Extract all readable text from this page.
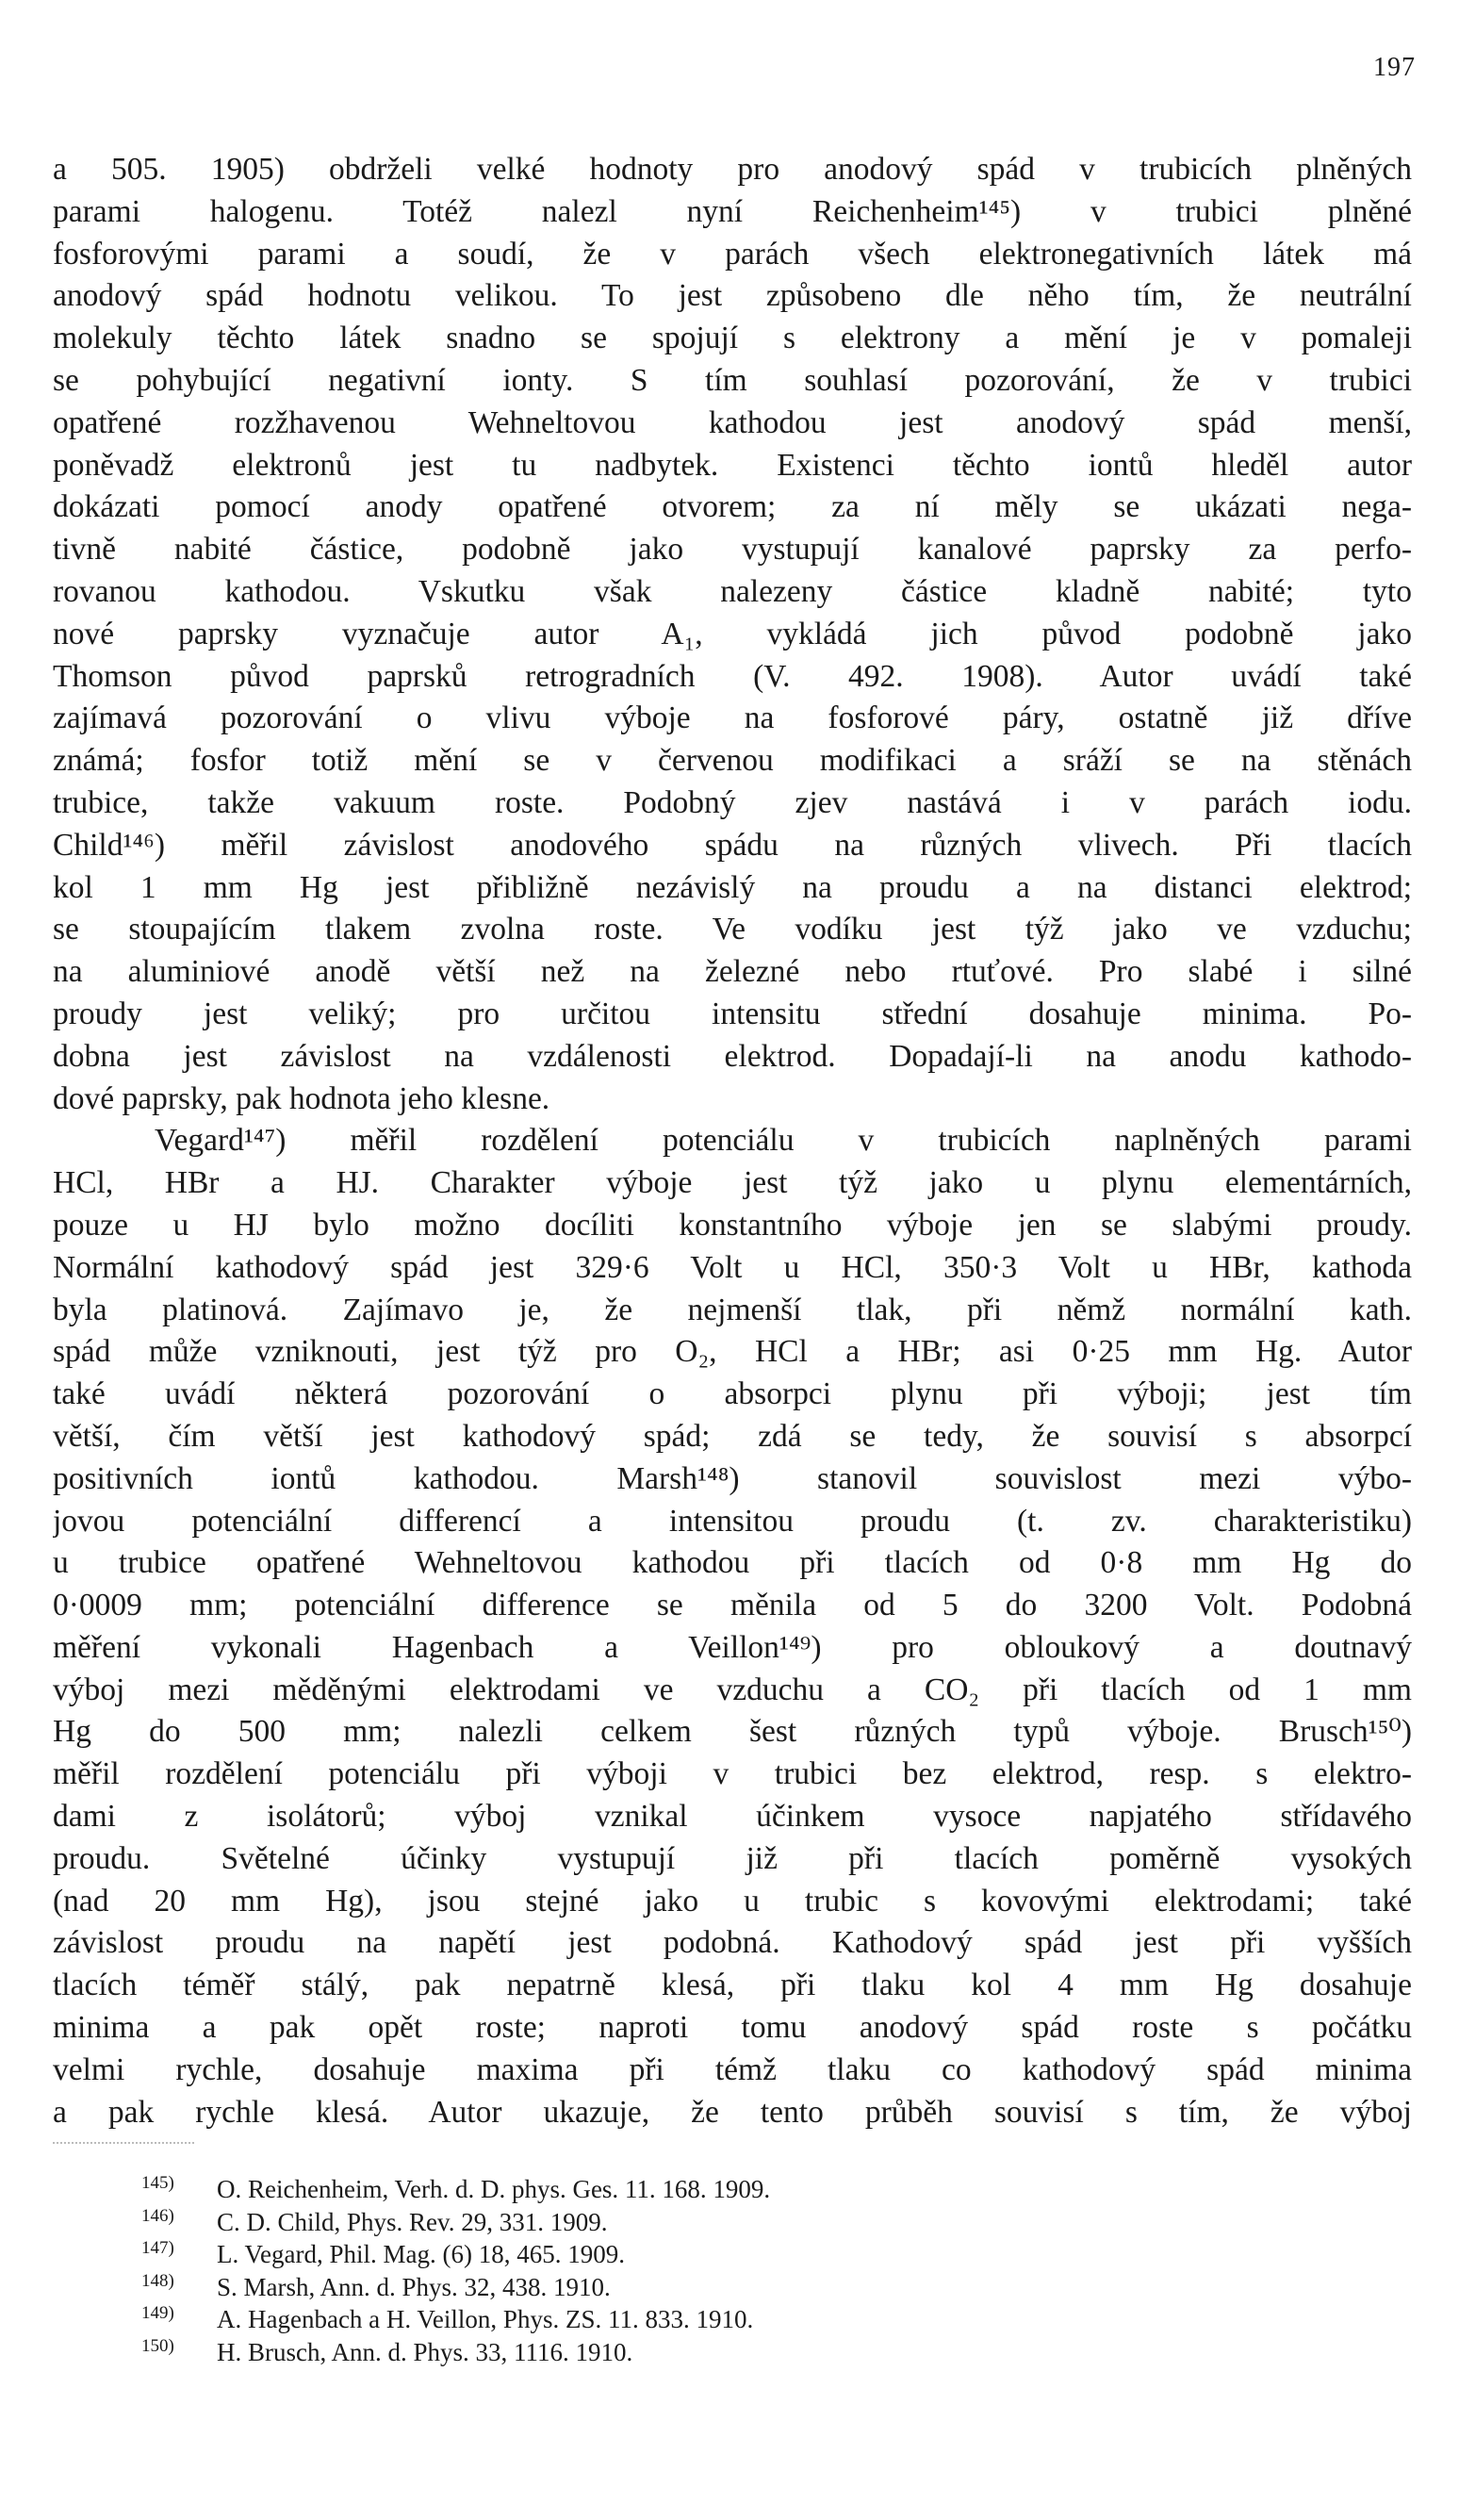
197
a 505. 1905) obdrželi velké hodnoty pro anodový spád v trubicích plněných
parami halogenu. Totéž nalezl nyní Reichenheim¹⁴⁵) v trubici plněné
fosforovými parami a soudí, že v parách všech elektronegativních látek má
anodový spád hodnotu velikou. To jest způsobeno dle něho tím, že neutrální
molekuly těchto látek snadno se spojují s elektrony a mění je v pomaleji
se pohybující negativní ionty. S tím souhlasí pozorování, že v trubici
opatřené rozžhavenou Wehneltovou kathodou jest anodový spád menší,
poněvadž elektronů jest tu nadbytek. Existenci těchto iontů hleděl autor
dokázati pomocí anody opatřené otvorem; za ní měly se ukázati nega-
tivně nabité částice, podobně jako vystupují kanalové paprsky za perfo-
rovanou kathodou. Vskutku však nalezeny částice kladně nabité; tyto
nové paprsky vyznačuje autor A₁, vykládá jich původ podobně jako
Thomson původ paprsků retrogradních (V. 492. 1908). Autor uvádí také
zajímavá pozorování o vlivu výboje na fosforové páry, ostatně již dříve
známá; fosfor totiž mění se v červenou modifikaci a sráží se na stěnách
trubice, takže vakuum roste. Podobný zjev nastává i v parách iodu.
Child¹⁴⁶) měřil závislost anodového spádu na různých vlivech. Při tlacích
kol 1 mm Hg jest přibližně nezávislý na proudu a na distanci elektrod;
se stoupajícím tlakem zvolna roste. Ve vodíku jest týž jako ve vzduchu;
na aluminiové anodě větší než na železné nebo rtuťové. Pro slabé i silné
proudy jest veliký; pro určitou intensitu střední dosahuje minima. Po-
dobna jest závislost na vzdálenosti elektrod. Dopadají-li na anodu kathodo-
dové paprsky, pak hodnota jeho klesne.
Vegard¹⁴⁷) měřil rozdělení potenciálu v trubicích naplněných parami
HCl, HBr a HJ. Charakter výboje jest týž jako u plynu elementárních,
pouze u HJ bylo možno docíliti konstantního výboje jen se slabými proudy.
Normální kathodový spád jest 329·6 Volt u HCl, 350·3 Volt u HBr, kathoda
byla platinová. Zajímavo je, že nejmenší tlak, při němž normální kath.
spád může vzniknouti, jest týž pro O₂, HCl a HBr; asi 0·25 mm Hg. Autor
také uvádí některá pozorování o absorpci plynu při výboji; jest tím
větší, čím větší jest kathodový spád; zdá se tedy, že souvisí s absorpcí
positivních iontů kathodou. Marsh¹⁴⁸) stanovil souvislost mezi výbo-
jovou potenciální differencí a intensitou proudu (t. zv. charakteristiku)
u trubice opatřené Wehneltovou kathodou při tlacích od 0·8 mm Hg do
0·0009 mm; potenciální difference se měnila od 5 do 3200 Volt. Podobná
měření vykonali Hagenbach a Veillon¹⁴⁹) pro obloukový a doutnavý
výboj mezi měděnými elektrodami ve vzduchu a CO₂ při tlacích od 1 mm
Hg do 500 mm; nalezli celkem šest různých typů výboje. Brusch¹⁵⁰)
měřil rozdělení potenciálu při výboji v trubici bez elektrod, resp. s elektro-
dami z isolátorů; výboj vznikal účinkem vysoce napjatého střídavého
proudu. Světelné účinky vystupují již při tlacích poměrně vysokých
(nad 20 mm Hg), jsou stejné jako u trubic s kovovými elektrodami; také
závislost proudu na napětí jest podobná. Kathodový spád jest při vyšších
tlacích téměř stálý, pak nepatrně klesá, při tlaku kol 4 mm Hg dosahuje
minima a pak opět roste; naproti tomu anodový spád roste s počátku
velmi rychle, dosahuje maxima při témž tlaku co kathodový spád minima
a pak rychle klesá. Autor ukazuje, že tento průběh souvisí s tím, že výboj
145) O. Reichenheim, Verh. d. D. phys. Ges. 11. 168. 1909.
146) C. D. Child, Phys. Rev. 29, 331. 1909.
147) L. Vegard, Phil. Mag. (6) 18, 465. 1909.
148) S. Marsh, Ann. d. Phys. 32, 438. 1910.
149) A. Hagenbach a H. Veillon, Phys. ZS. 11. 833. 1910.
150) H. Brusch, Ann. d. Phys. 33, 1116. 1910.
